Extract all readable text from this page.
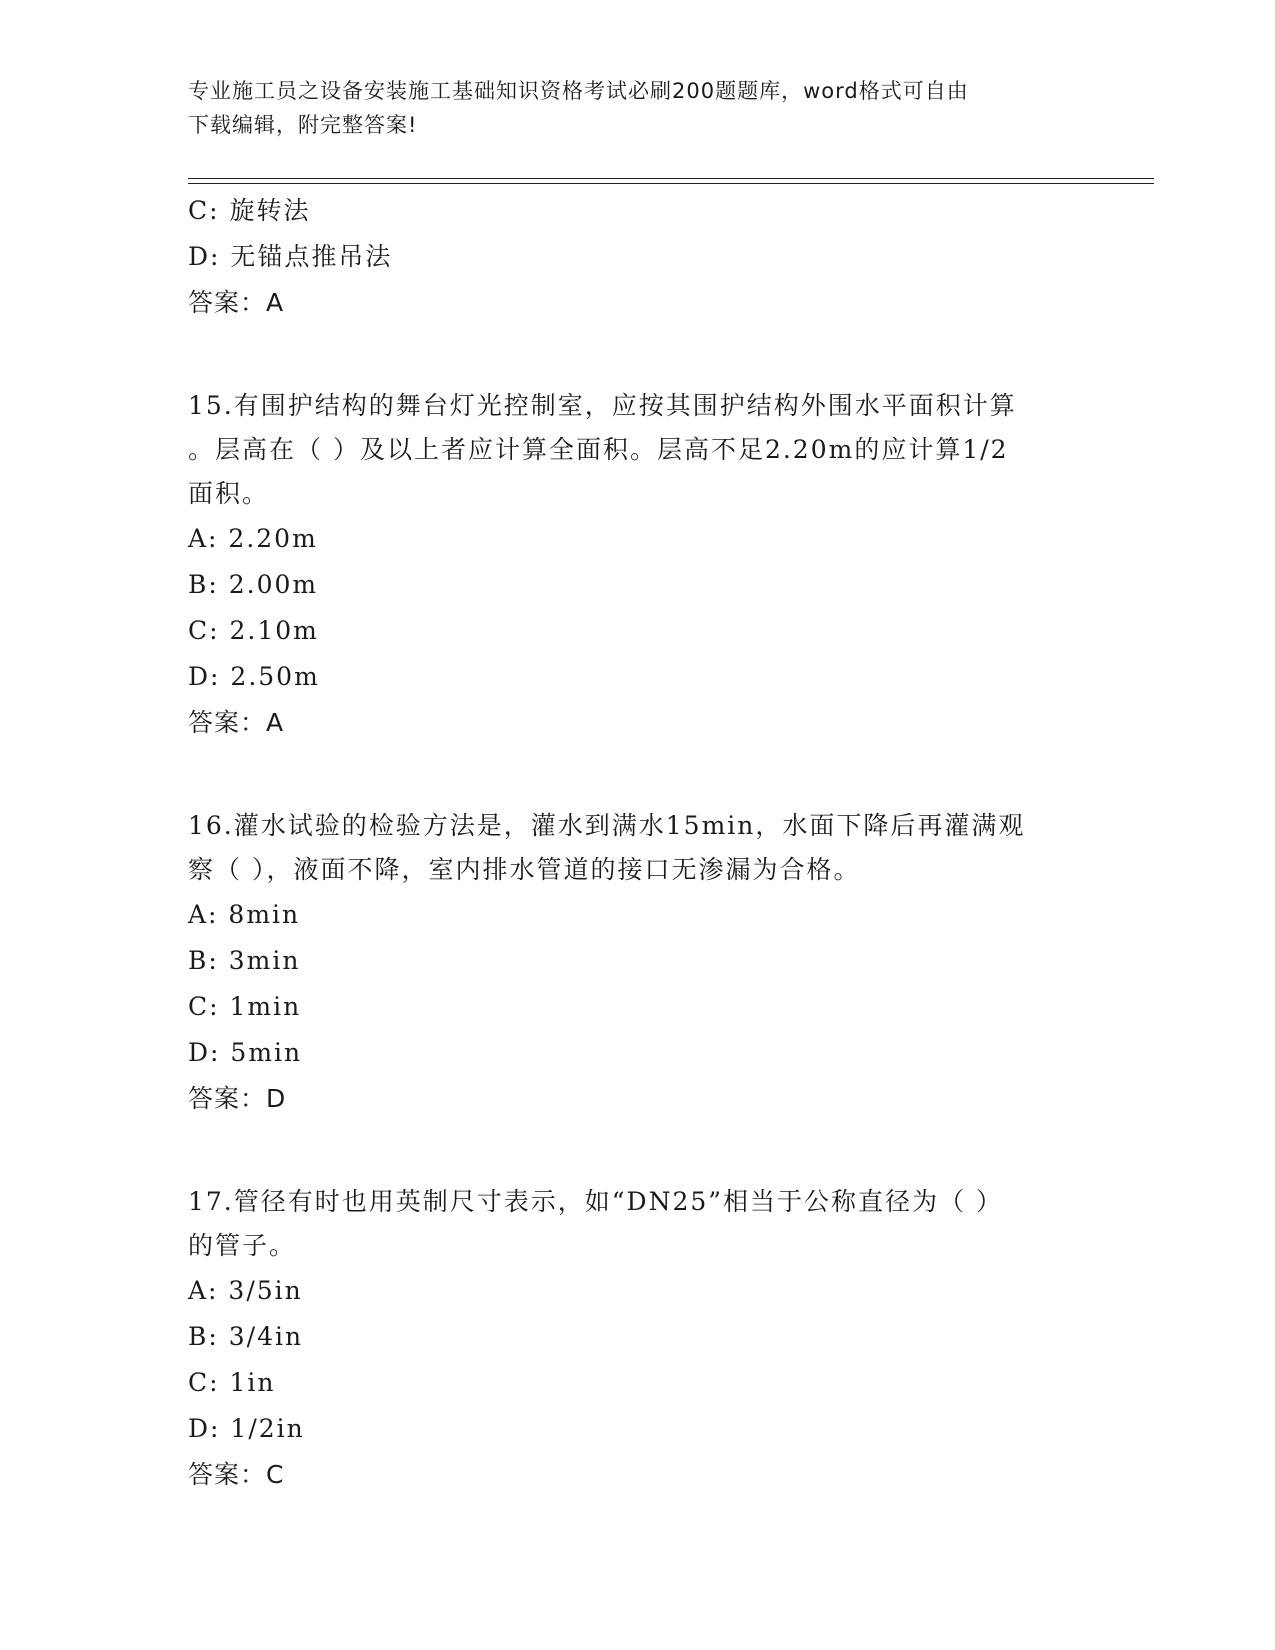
专业施工员之设备安装施工基础知识资格考试必刷200题题库，word格式可自由
下载编辑，附完整答案!
C: 旋转法
D: 无锚点推吊法
答案：A
15.有围护结构的舞台灯光控制室，应按其围护结构外围水平面积计算
。层高在（ ）及以上者应计算全面积。层高不足2.20m的应计算1/2
面积。
A: 2.20m
B: 2.00m
C: 2.10m
D: 2.50m
答案：A
16.灌水试验的检验方法是，灌水到满水15min，水面下降后再灌满观
察（ ），液面不降，室内排水管道的接口无渗漏为合格。
A: 8min
B: 3min
C: 1min
D: 5min
答案：D
17.管径有时也用英制尺寸表示，如“DN25”相当于公称直径为（ ）
的管子。
A: 3/5in
B: 3/4in
C: 1in
D: 1/2in
答案：C
